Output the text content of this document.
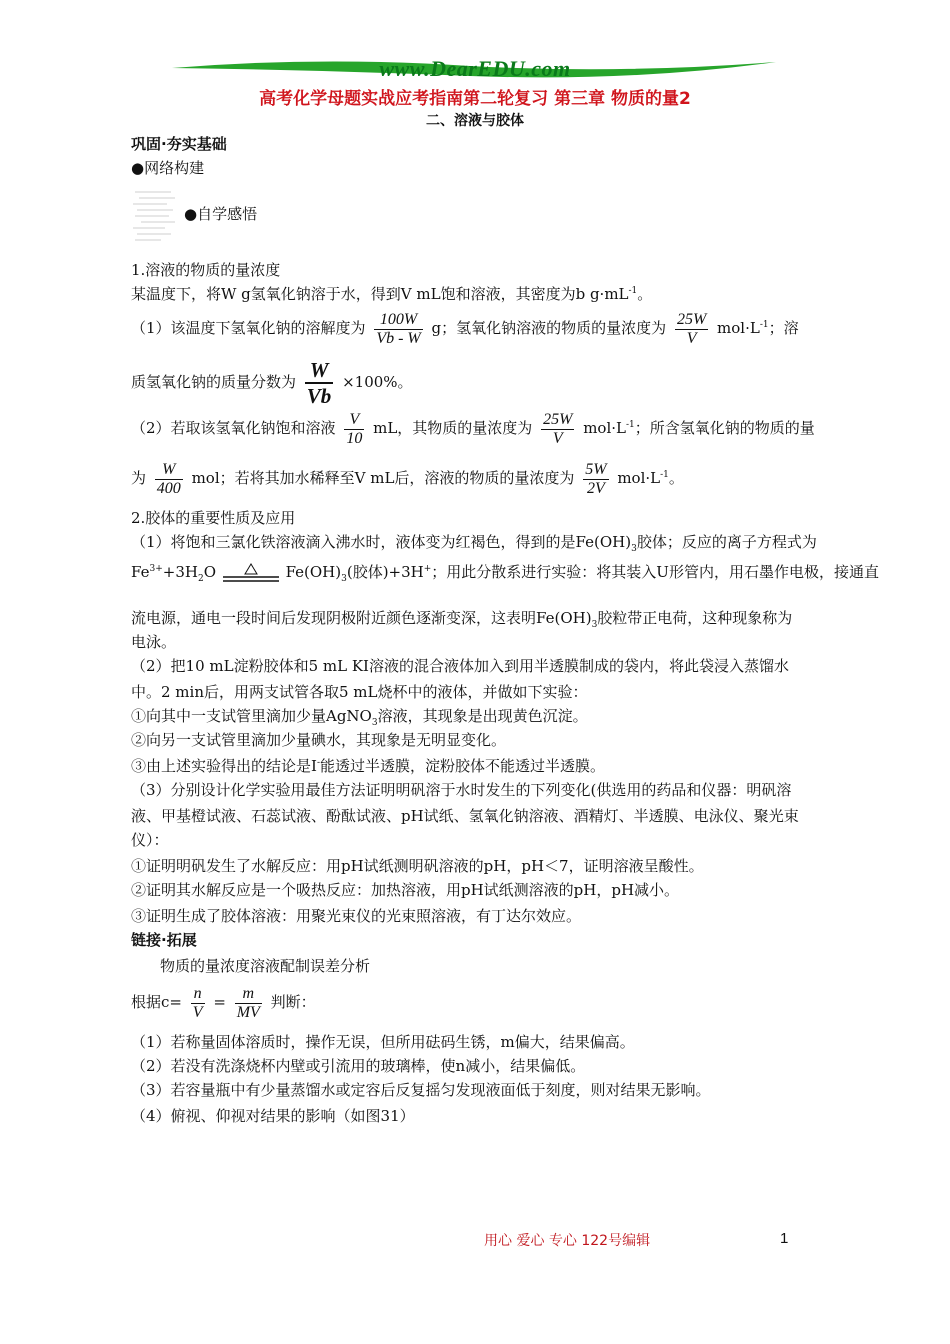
www.DearEDU.com
高考化学母题实战应考指南第二轮复习 第三章 物质的量2
二、溶液与胶体
巩固·夯实基础
●网络构建
●自学感悟
1.溶液的物质的量浓度
某温度下，将W g氢氧化钠溶于水，得到V mL饱和溶液，其密度为b $g\cdot mL^{-1}$。
（1）该温度下氢氧化钠的溶解度为 $\frac{100W}{Vb - W}$ g；氢氧化钠溶液的物质的量浓度为 $\frac{25W}{V} mol\cdot L^{-1}$；溶
质氢氧化钠的质量分数为 $\frac{W}{Vb} \times 100\%$。
（2）若取该氢氧化钠饱和溶液 $\frac{V}{10}$ mL，其物质的量浓度为 $\frac{25W}{V} mol\cdot L^{-1}$；所含氢氧化钠的物质的量
为 $\frac{W}{400}$ mol；若将其加水稀释至V mL后，溶液的物质的量浓度为 $\frac{5W}{2V} mol\cdot L^{-1}$。
2.胶体的重要性质及应用
（1）将饱和三氯化铁溶液滴入沸水时，液体变为红褐色，得到的是$Fe(OH)_3$胶体；反应的离子方程式为
$Fe^{3+}+3H_2O$	$Fe(OH)_3$(胶体)+3H+；用此分散系进行实验：将其装入U形管内，用石墨作电极，接通直
流电源，通电一段时间后发现阴极附近颜色逐渐变深，这表明$Fe(OH)_3$胶粒带正电荷，这种现象称为
电泳。
（2）把10 mL淀粉胶体和5 mL KI溶液的混合液体加入到用半透膜制成的袋内，将此袋浸入蒸馏水
中。2 min后，用两支试管各取5 mL烧杯中的液体，并做如下实验：
①向其中一支试管里滴加少量AgNO$_3$溶液，其现象是出现黄色沉淀。
②向另一支试管里滴加少量碘水，其现象是无明显变化。
③由上述实验得出的结论是I-能透过半透膜，淀粉胶体不能透过半透膜。
（3）分别设计化学实验用最佳方法证明明矾溶于水时发生的下列变化(供选用的药品和仪器：明矾溶
液、甲基橙试液、石蕊试液、酚酞试液、pH试纸、氢氧化钠溶液、酒精灯、半透膜、电泳仪、聚光束
仪）：
①证明明矾发生了水解反应：用pH试纸测明矾溶液的pH，pH＜7，证明溶液呈酸性。
②证明其水解反应是一个吸热反应：加热溶液，用pH试纸测溶液的pH，pH减小。
③证明生成了胶体溶液：用聚光束仪的光束照溶液，有丁达尔效应。
链接·拓展
物质的量浓度溶液配制误差分析
根据$c= \frac{n}{V} = \frac{m}{MV}$ 判断：
（1）若称量固体溶质时，操作无误，但所用砝码生锈，m偏大，结果偏高。
（2）若没有洗涤烧杯内壁或引流用的玻璃棒，使n减小，结果偏低。
（3）若容量瓶中有少量蒸馏水或定容后反复摇匀发现液面低于刻度，则对结果无影响。
（4）俯视、仰视对结果的影响（如图31）
用心 爱心 专心 122号编辑	1
